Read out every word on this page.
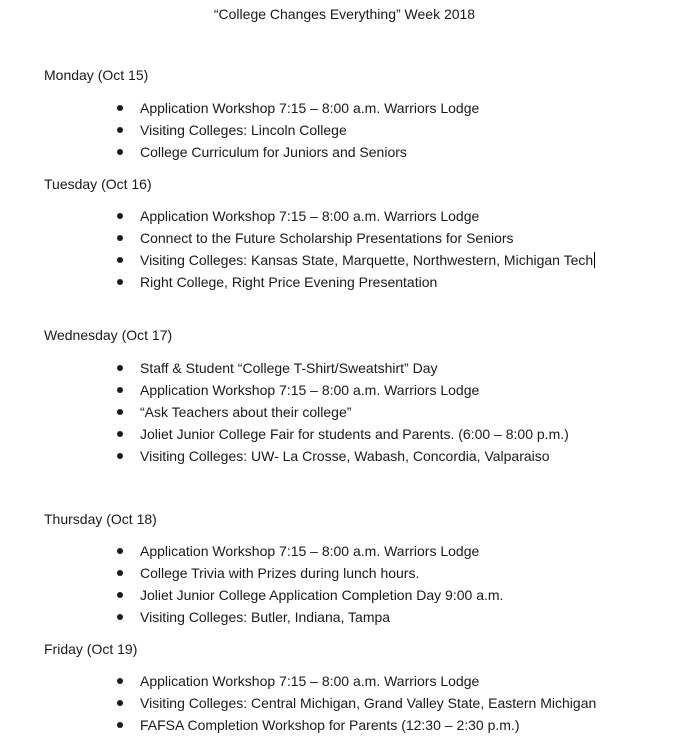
“College Changes Everything” Week 2018
Monday (Oct 15)
Application Workshop 7:15 – 8:00 a.m. Warriors Lodge
Visiting Colleges: Lincoln College
College Curriculum for Juniors and Seniors
Tuesday (Oct 16)
Application Workshop 7:15 – 8:00 a.m. Warriors Lodge
Connect to the Future Scholarship Presentations for Seniors
Visiting Colleges: Kansas State, Marquette, Northwestern, Michigan Tech
Right College, Right Price Evening Presentation
Wednesday (Oct 17)
Staff & Student “College T-Shirt/Sweatshirt” Day
Application Workshop 7:15 – 8:00 a.m. Warriors Lodge
“Ask Teachers about their college”
Joliet Junior College Fair for students and Parents. (6:00 – 8:00 p.m.)
Visiting Colleges: UW- La Crosse, Wabash, Concordia, Valparaiso
Thursday (Oct 18)
Application Workshop 7:15 – 8:00 a.m. Warriors Lodge
College Trivia with Prizes during lunch hours.
Joliet Junior College Application Completion Day 9:00 a.m.
Visiting Colleges: Butler, Indiana, Tampa
Friday (Oct 19)
Application Workshop 7:15 – 8:00 a.m. Warriors Lodge
Visiting Colleges: Central Michigan, Grand Valley State, Eastern Michigan
FAFSA Completion Workshop for Parents (12:30 – 2:30 p.m.)
